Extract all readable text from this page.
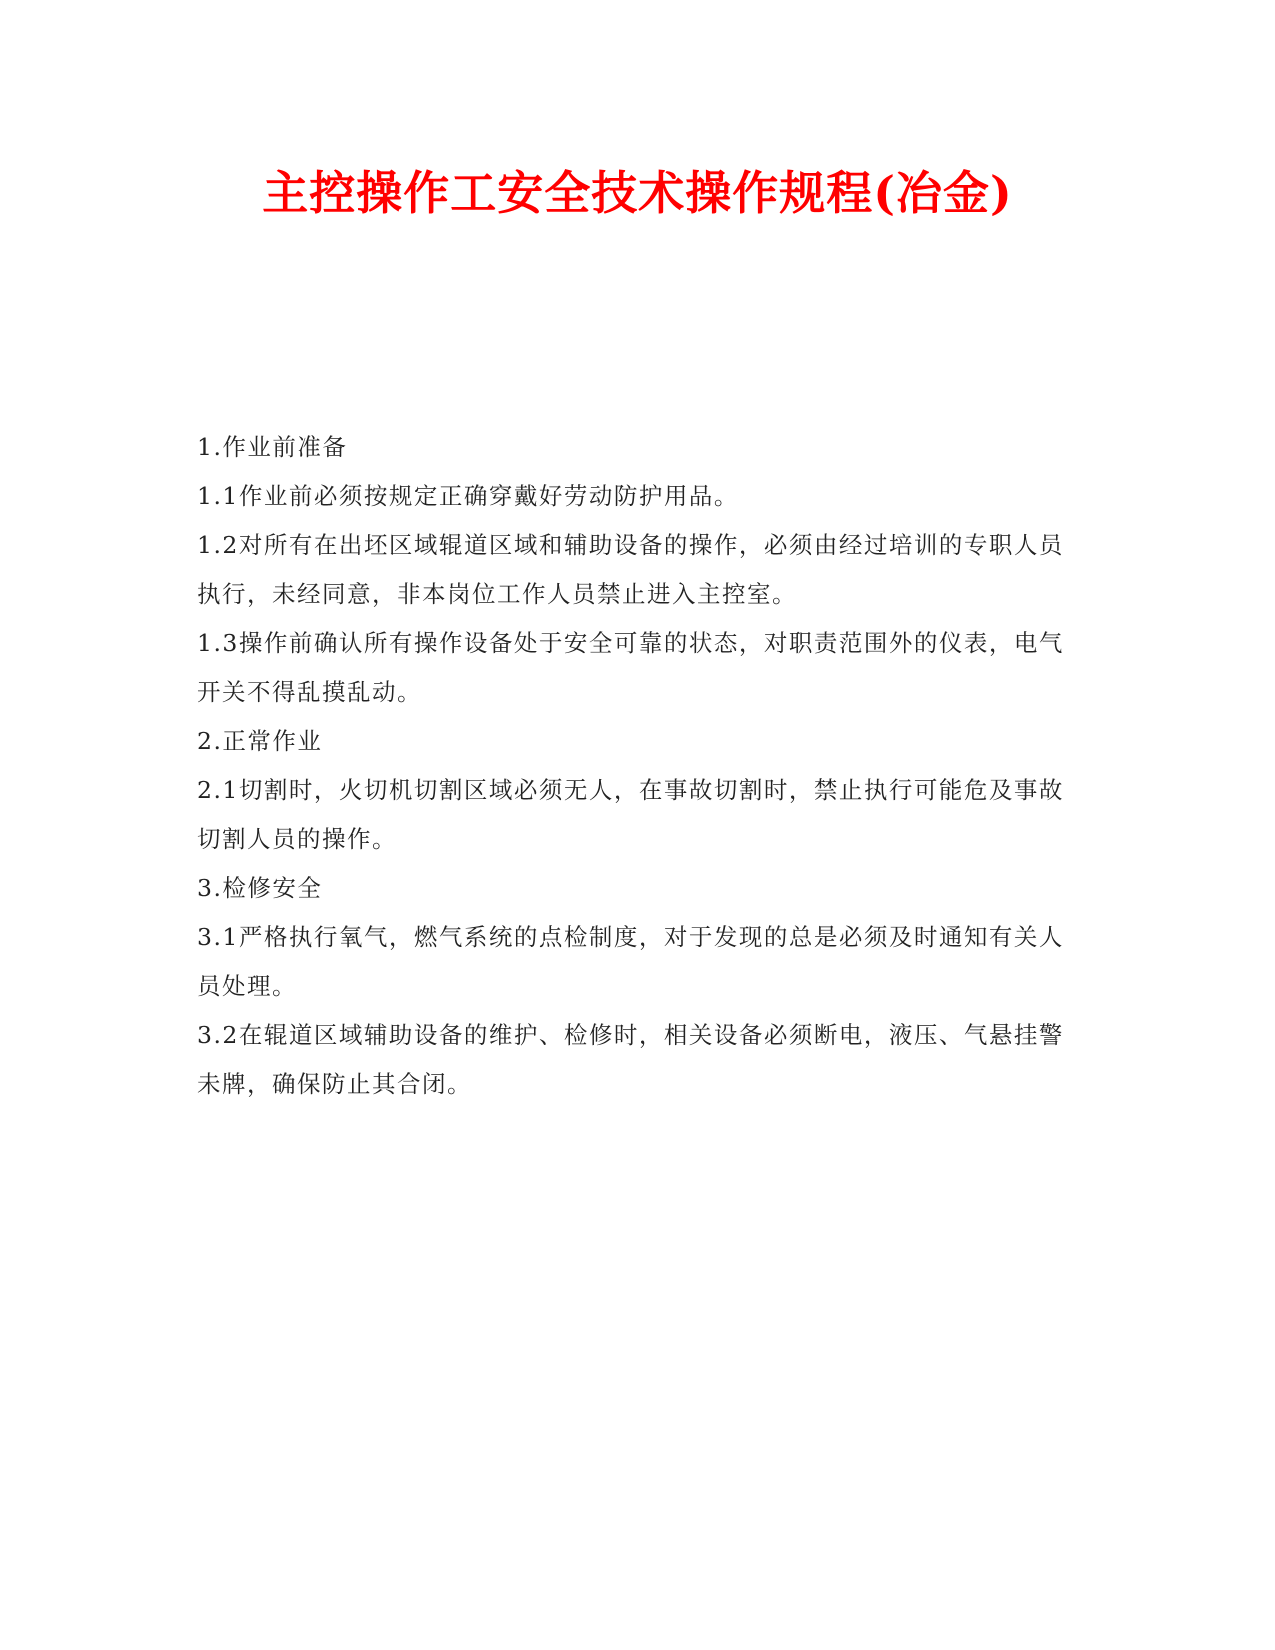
主控操作工安全技术操作规程(冶金)

1.作业前准备

1.1作业前必须按规定正确穿戴好劳动防护用品。

1.2对所有在出坯区域辊道区域和辅助设备的操作，必须由经过培训的专职人员

执行，未经同意，非本岗位工作人员禁止进入主控室。

1.3操作前确认所有操作设备处于安全可靠的状态，对职责范围外的仪表，电气

开关不得乱摸乱动。

2.正常作业

2.1切割时，火切机切割区域必须无人，在事故切割时，禁止执行可能危及事故

切割人员的操作。

3.检修安全

3.1严格执行氧气，燃气系统的点检制度，对于发现的总是必须及时通知有关人

员处理。

3.2在辊道区域辅助设备的维护、检修时，相关设备必须断电，液压、气悬挂警

未牌，确保防止其合闭。
